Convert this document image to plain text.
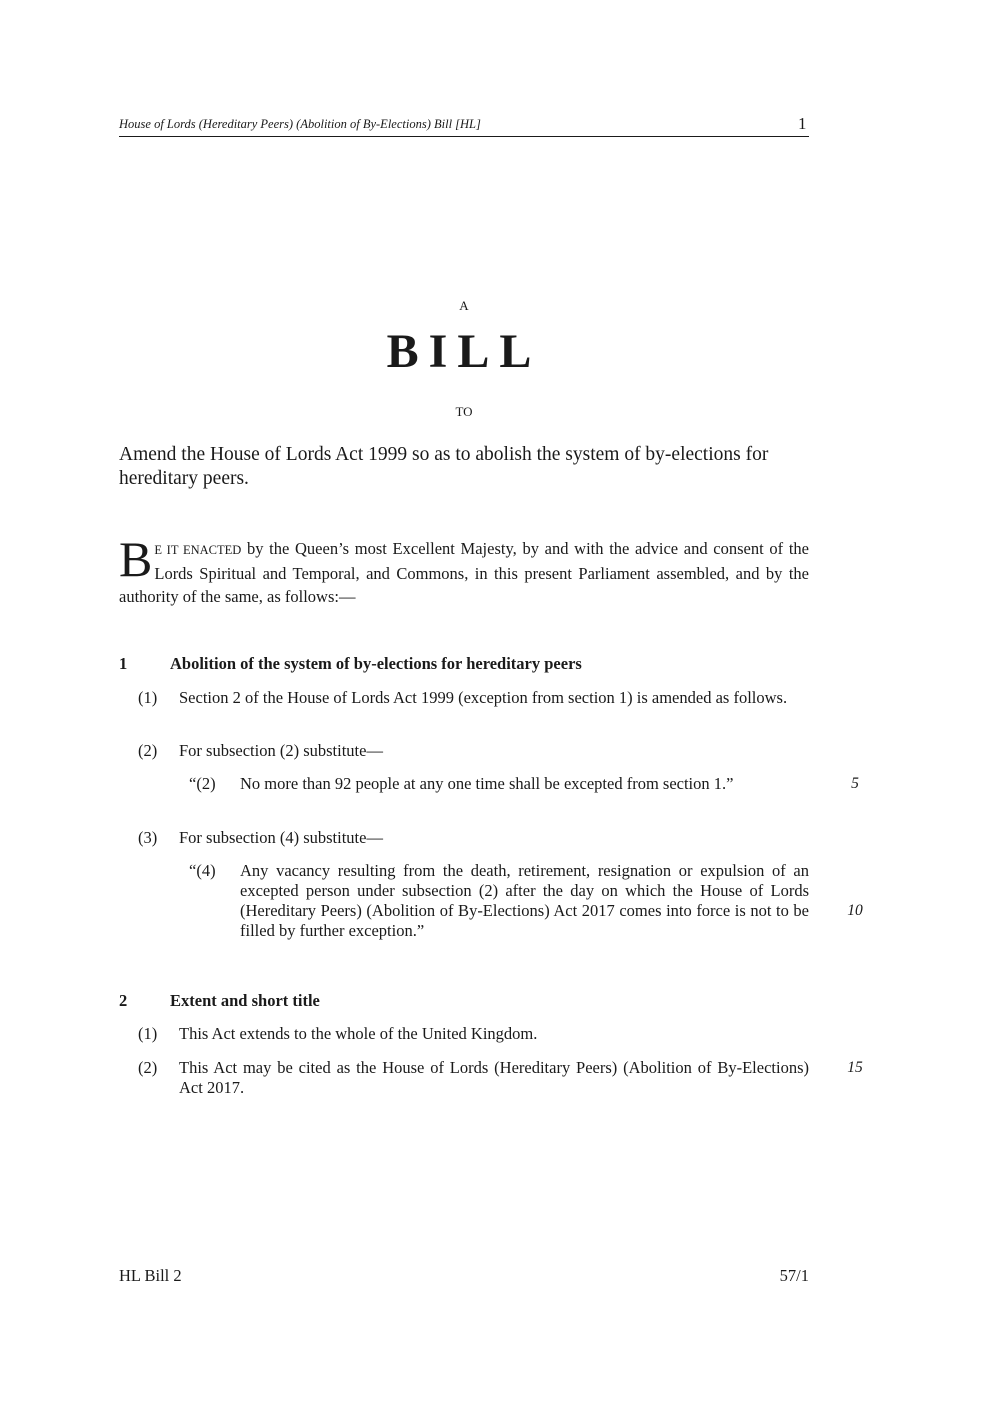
House of Lords (Hereditary Peers) (Abolition of By-Elections) Bill [HL]	1
A
BILL
TO
Amend the House of Lords Act 1999 so as to abolish the system of by-elections for hereditary peers.

B E IT ENACTED by the Queen’s most Excellent Majesty, by and with the advice and consent of the Lords Spiritual and Temporal, and Commons, in this present Parliament assembled, and by the authority of the same, as follows:—

1	Abolition of the system of by-elections for hereditary peers
(1) Section 2 of the House of Lords Act 1999 (exception from section 1) is amended as follows.
(2) For subsection (2) substitute—
“(2) No more than 92 people at any one time shall be excepted from section 1.”	5
(3) For subsection (4) substitute—
“(4) Any vacancy resulting from the death, retirement, resignation or expulsion of an excepted person under subsection (2) after the day on which the House of Lords (Hereditary Peers) (Abolition of By-Elections) Act 2017 comes into force is not to be filled by further exception.”
10
2	Extent and short title
(1) This Act extends to the whole of the United Kingdom.
(2) This Act may be cited as the House of Lords (Hereditary Peers) (Abolition of By-Elections) Act 2017.
15
HL Bill 2	57/1
